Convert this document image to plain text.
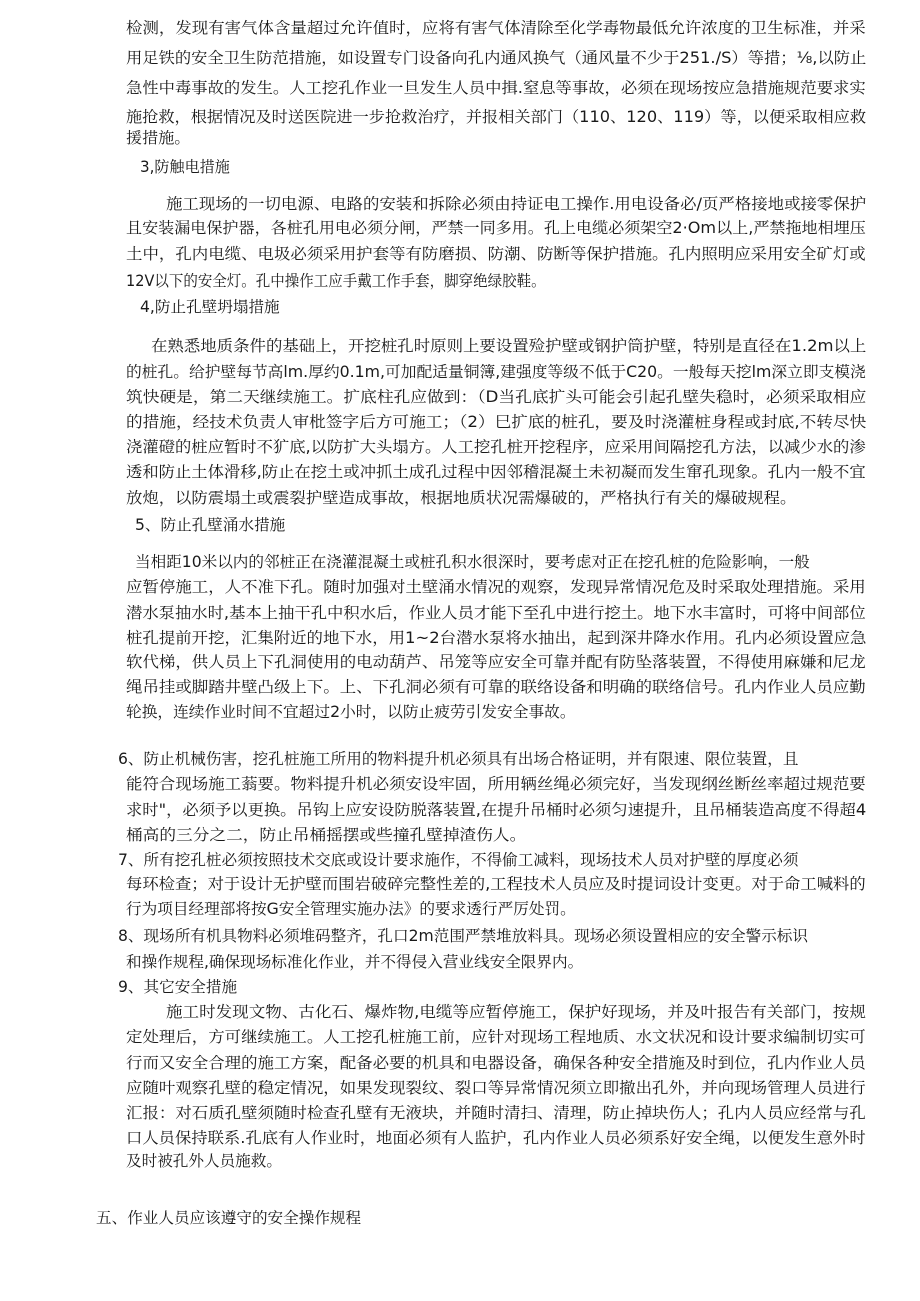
检测，发现有害气体含量超过允许值时，应将有害气体清除至化学毒物最低允许浓度的卫生标准，并采
用足铁的安全卫生防范措施，如设置专门设备向孔内通风换气（通风量不少于251./S）等措；⅛,以防止
急性中毒事故的发生。人工挖孔作业一旦发生人员中揖.窒息等事故，必须在现场按应急措施规范要求实
施抢救，根据情况及时送医院进一步抢救治疗，并报相关部门（110、120、119）等，以便采取相应救
援措施。
3,防触电措施
施工现场的一切电源、电路的安装和拆除必须由持证电工操作.用电设备必/页严格接地或接零保护
且安装漏电保护器，各桩孔用电必须分闸，严禁一同多用。孔上电缆必须架空2·Om以上,严禁拖地相埋压
土中，孔内电缆、电圾必须采用护套等有防磨损、防潮、防断等保护措施。孔内照明应采用安全矿灯或
12V以下的安全灯。孔中操作工应手戴工作手套，脚穿绝绿胶鞋。
4,防止孔壁坍塌措施
在熟悉地质条件的基础上，开挖桩孔时原则上要设置殓护壁或钢护筒护壁，特别是直径在1.2m以上
的桩孔。给护壁每节高lm.厚约0.1m,可加配适量铜簿,建强度等级不低于C20。一般每天挖lm深立即支模浇
筑快硬是，第二天继续施工。扩底柱孔应做到：（D当孔底扩头可能会引起孔壁失稳时，必须采取相应
的措施，经技术负责人审枇签字后方可施工；（2）巳扩底的桩孔，要及时浇灌桩身程或封底,不转尽快
浇灌磴的桩应暂时不犷底,以防扩大头塌方。人工挖孔桩开挖程序，应采用间隔挖孔方法，以减少水的渗
透和防止土体滑移,防止在挖土或冲抓土成孔过程中因邻稽混凝土未初凝而发生窜孔现象。孔内一般不宜
放炮，以防震塌土或震裂护壁造成事故，根据地质状况需爆破的，严格执行有关的爆破规程。
5、防止孔壁涌水措施
当相距10米以内的邻桩正在浇灌混凝土或桩孔积水很深时，要考虑对正在挖孔桩的危险影响，一般
应暂停施工，人不准下孔。随时加强对土壁涌水情况的观察，发现异常情况危及时采取处理措施。采用
潜水泵抽水时,基本上抽干孔中积水后，作业人员才能下至孔中进行挖土。地下水丰富时，可将中间部位
桩孔提前开挖，汇集附近的地下水，用1~2台潜水泵将水抽出，起到深井降水作用。孔内必须设置应急
软代梯，供人员上下孔洞使用的电动葫芦、吊笼等应安全可靠并配有防坠落装置，不得使用麻嫌和尼龙
绳吊挂或脚踏井壁凸级上下。上、下孔洞必须有可靠的联络设备和明确的联络信号。孔内作业人员应勤
轮换，连续作业时间不宜超过2小时，以防止疲劳引发安全事故。
6、防止机械伤害，挖孔桩施工所用的物料提升机必须具有出场合格证明，并有限速、限位装置，且
能符合现场施工蓊要。物料提升机必须安设牢固，所用辆丝绳必须完好，当发现纲丝断丝率超过规范要
求时"，必须予以更换。吊钩上应安设防脱落装置,在提升吊桶时必须匀速提升，且吊桶装造高度不得超4
桶高的三分之二，防止吊桶摇摆或些撞孔壁掉渣伤人。
7、所有挖孔桩必须按照技术交底或设计要求施作，不得偷工减料，现场技术人员对护壁的厚度必须
每环检查；对于设计无护壁而围岩破碎完整性差的,工程技术人员应及时提词设计变更。对于命工喊料的
行为项目经理部将按G安全管理实施办法》的要求透行严厉处罚。
8、现场所有机具物料必须堆码整齐，孔口2m范围严禁堆放料具。现场必须设置相应的安全警示标识
和操作规程,确保现场标准化作业，并不得侵入营业线安全限界内。
9、其它安全措施
施工时发现文物、古化石、爆炸物,电缆等应暂停施工，保护好现场，并及叶报告有关部门，按规
定处理后，方可继续施工。人工挖孔桩施工前，应针对现场工程地质、水文状况和设计要求编制切实可
行而又安全合理的施工方案，配备必要的机具和电器设备，确保各种安全措施及时到位，孔内作业人员
应随叶观察孔壁的稳定情况，如果发现裂纹、裂口等异常情况须立即撤出孔外，并向现场管理人员进行
汇报：对石质孔壁须随时检查孔壁有无液块，并随时清扫、清理，防止掉块伤人；孔内人员应经常与孔
口人员保持联系.孔底有人作业时，地面必须有人监护，孔内作业人员必须系好安全绳，以便发生意外时
及时被孔外人员施救。
五、作业人员应该遵守的安全操作规程
